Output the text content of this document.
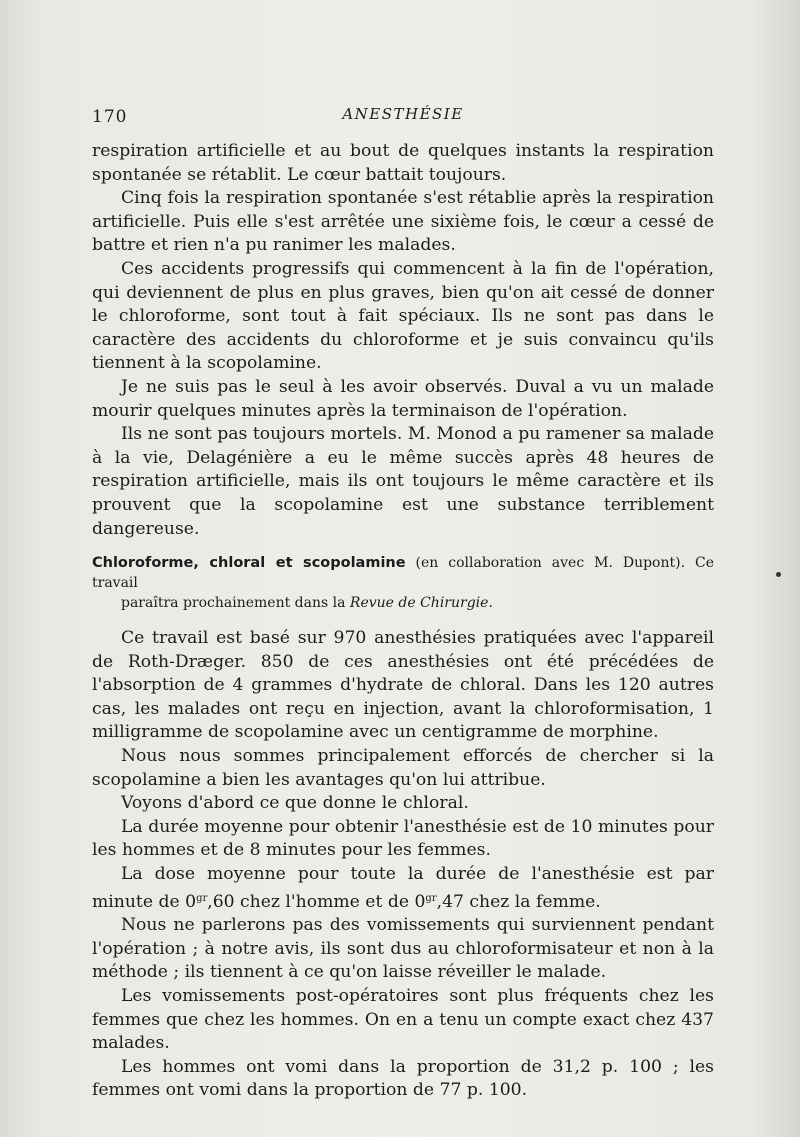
170	ANESTHÉSIE

respiration artificielle et au bout de quelques instants la respiration spontanée se rétablit. Le cœur battait toujours.

Cinq fois la respiration spontanée s'est rétablie après la respiration artificielle. Puis elle s'est arrêtée une sixième fois, le cœur a cessé de battre et rien n'a pu ranimer les malades.

Ces accidents progressifs qui commencent à la fin de l'opération, qui deviennent de plus en plus graves, bien qu'on ait cessé de donner le chloroforme, sont tout à fait spéciaux. Ils ne sont pas dans le caractère des accidents du chloroforme et je suis convaincu qu'ils tiennent à la scopolamine.

Je ne suis pas le seul à les avoir observés. Duval a vu un malade mourir quelques minutes après la terminaison de l'opération.

Ils ne sont pas toujours mortels. M. Monod a pu ramener sa malade à la vie, Delagénière a eu le même succès après 48 heures de respiration artificielle, mais ils ont toujours le même caractère et ils prouvent que la scopolamine est une substance terriblement dangereuse.

Chloroforme, chloral et scopolamine (en collaboration avec M. Dupont). Ce travail
paraîtra prochainement dans la Revue de Chirurgie.

Ce travail est basé sur 970 anesthésies pratiquées avec l'appareil de Roth-Dræger. 850 de ces anesthésies ont été précédées de l'absorption de 4 grammes d'hydrate de chloral. Dans les 120 autres cas, les malades ont reçu en injection, avant la chloroformisation, 1 milligramme de scopolamine avec un centigramme de morphine.

Nous nous sommes principalement efforcés de chercher si la scopolamine a bien les avantages qu'on lui attribue.

Voyons d'abord ce que donne le chloral.

La durée moyenne pour obtenir l'anesthésie est de 10 minutes pour les hommes et de 8 minutes pour les femmes.

La dose moyenne pour toute la durée de l'anesthésie est par minute de $0^{gr},60$ chez l'homme et de $0^{gr},47$ chez la femme.

Nous ne parlerons pas des vomissements qui surviennent pendant l'opération ; à notre avis, ils sont dus au chloroformisateur et non à la méthode ; ils tiennent à ce qu'on laisse réveiller le malade.

Les vomissements post-opératoires sont plus fréquents chez les femmes que chez les hommes. On en a tenu un compte exact chez 437 malades.

Les hommes ont vomi dans la proportion de 31,2 p. 100 ; les femmes ont vomi dans la proportion de 77 p. 100.
